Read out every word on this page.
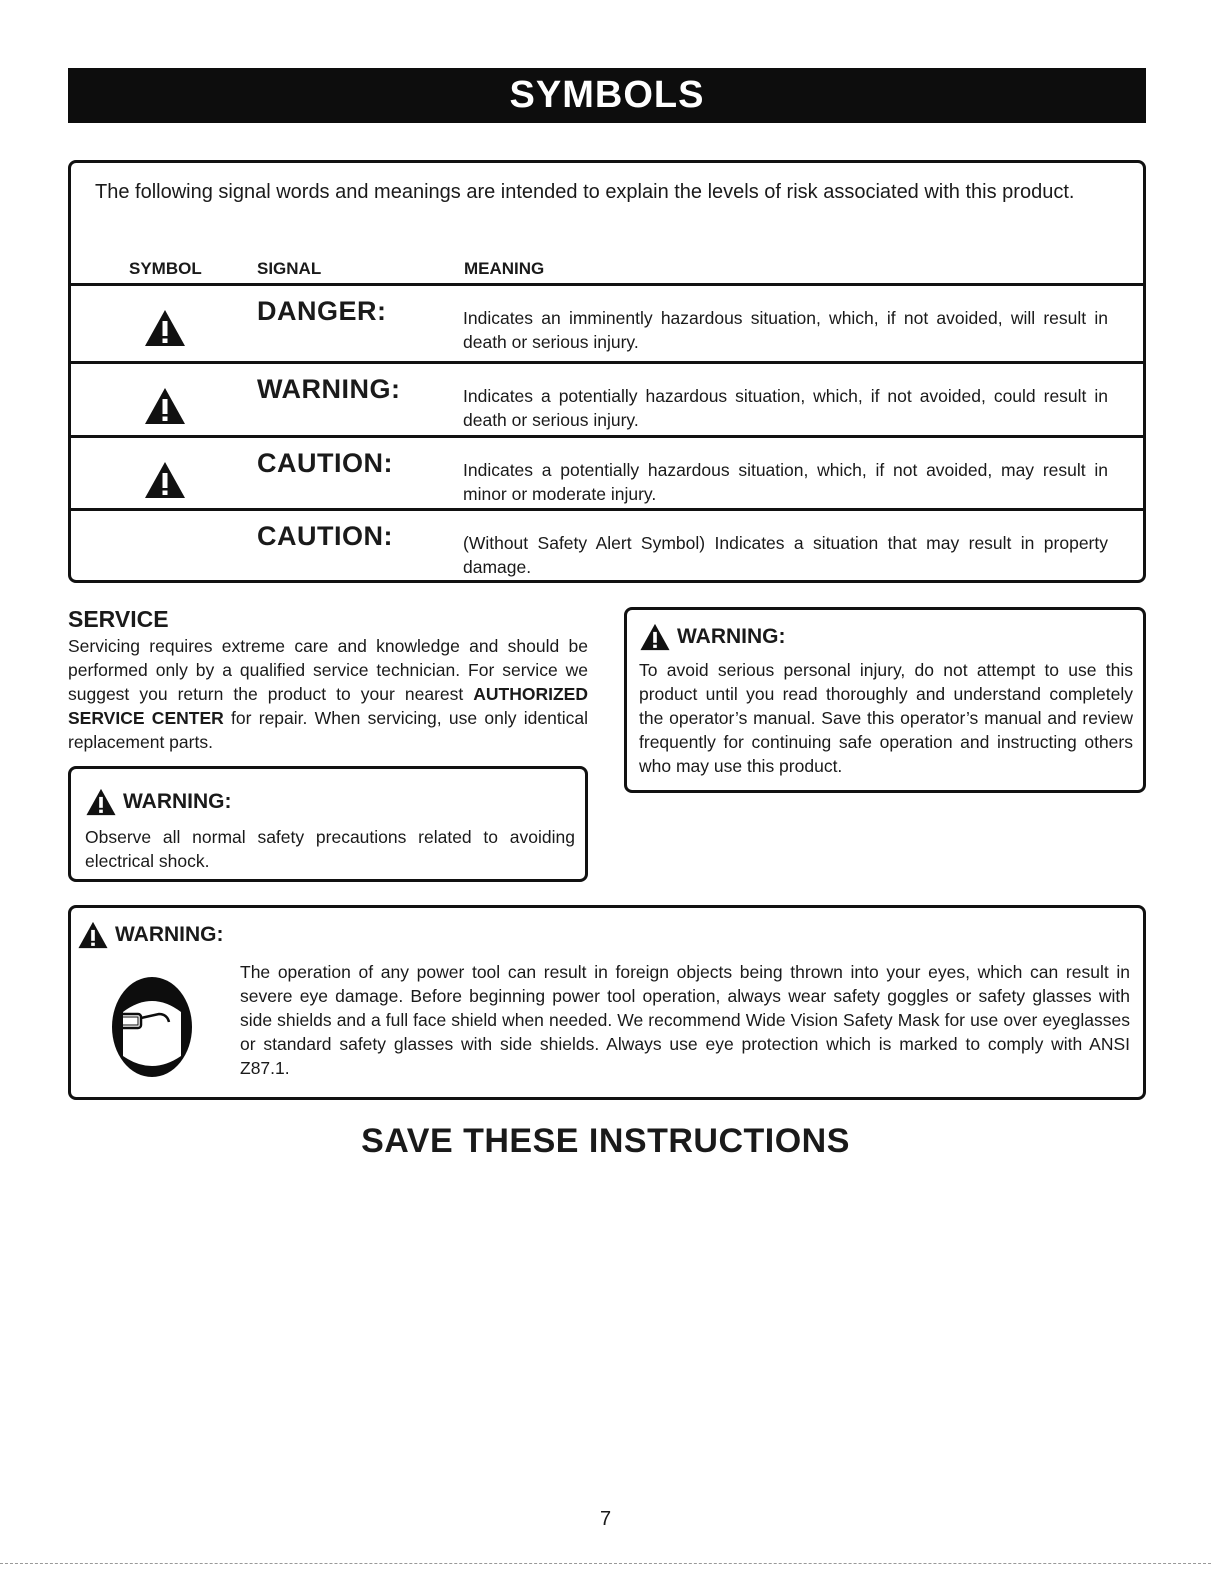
SYMBOLS
The following signal words and meanings are intended to explain the levels of risk associated with this product.
SYMBOL	SIGNAL	MEANING
DANGER:	Indicates an imminently hazardous situation, which, if not avoided, will result in death or serious injury.
WARNING:	Indicates a potentially hazardous situation, which, if not avoided, could result in death or serious injury.
CAUTION:	Indicates a potentially hazardous situation, which, if not avoided, may result in minor or moderate injury.
CAUTION:	(Without Safety Alert Symbol) Indicates a situation that may result in property damage.
SERVICE
Servicing requires extreme care and knowledge and should be performed only by a qualified service technician. For service we suggest you return the product to your nearest AUTHORIZED SERVICE CENTER for repair. When servicing, use only identical replacement parts.
WARNING:
Observe all normal safety precautions related to avoiding electrical shock.
WARNING:
To avoid serious personal injury, do not attempt to use this product until you read thoroughly and understand completely the operator’s manual. Save this operator’s manual and review frequently for continuing safe operation and instructing others who may use this product.
WARNING:
The operation of any power tool can result in foreign objects being thrown into your eyes, which can result in severe eye damage. Before beginning power tool operation, always wear safety goggles or safety glasses with side shields and a full face shield when needed. We recommend Wide Vision Safety Mask for use over eyeglasses or standard safety glasses with side shields. Always use eye protection which is marked to comply with ANSI Z87.1.
SAVE THESE INSTRUCTIONS
7
